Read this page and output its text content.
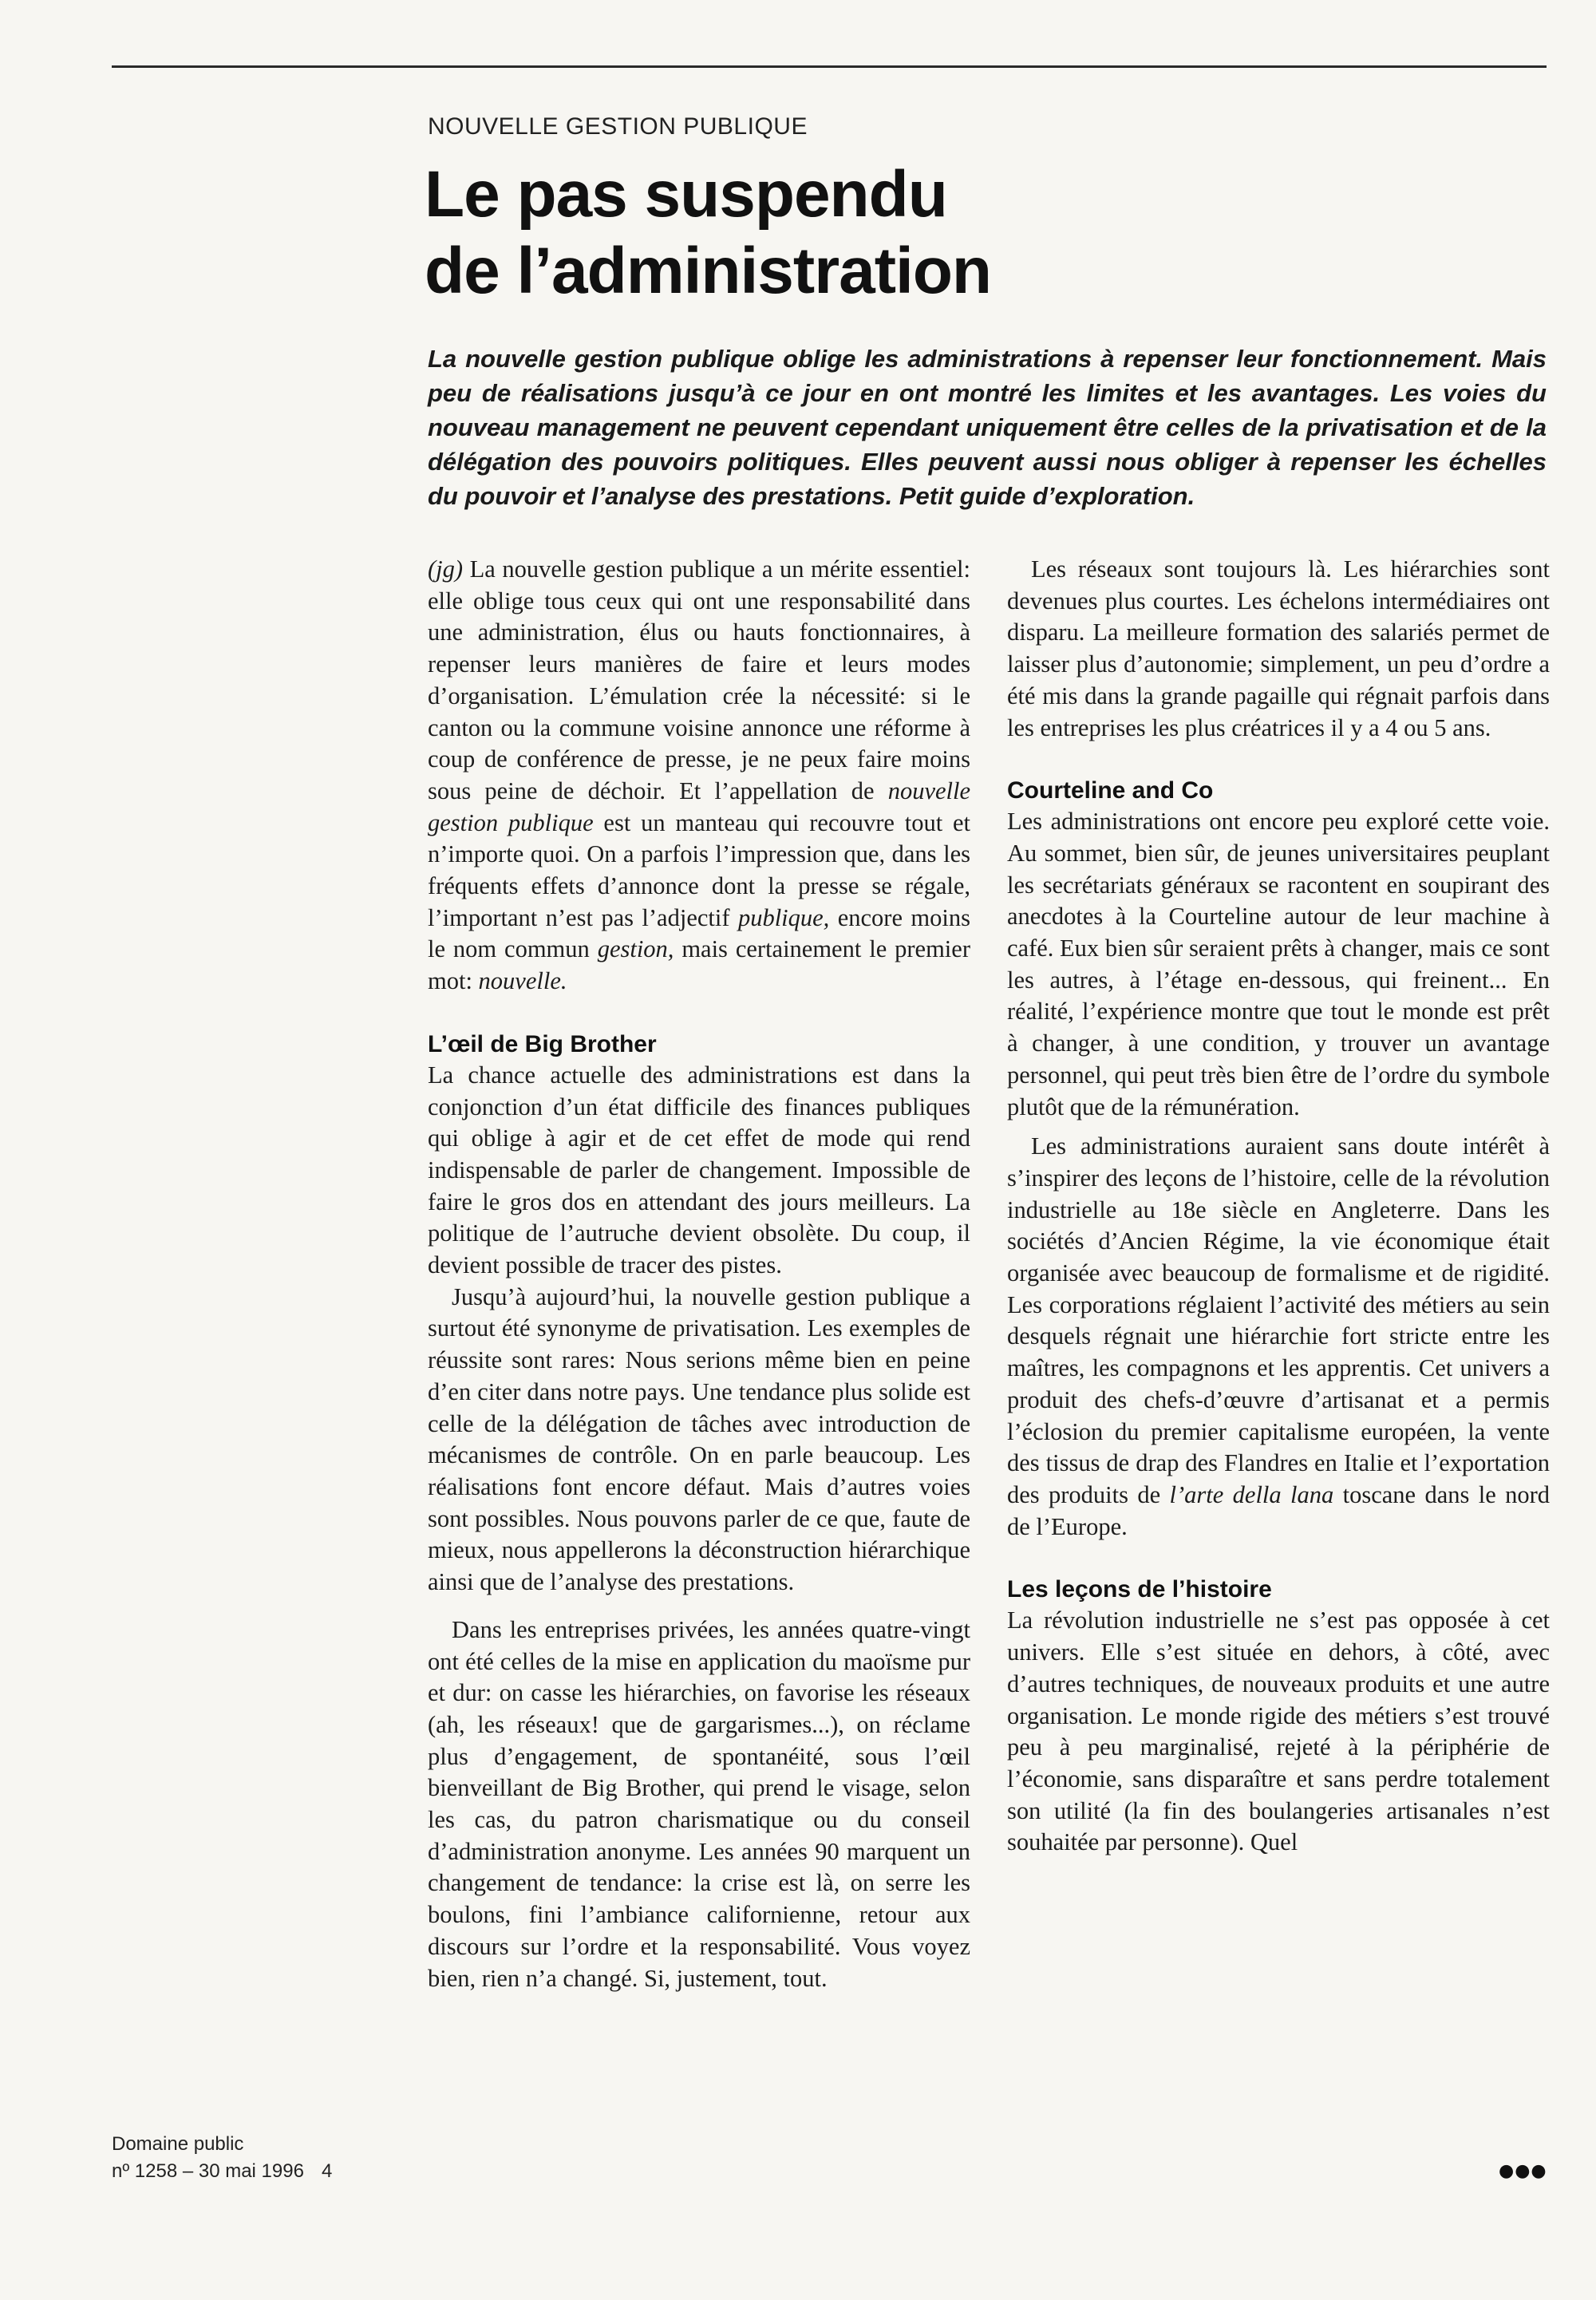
NOUVELLE GESTION PUBLIQUE
Le pas suspendu
de l’administration
La nouvelle gestion publique oblige les administrations à repenser leur fonctionnement. Mais peu de réalisations jusqu’à ce jour en ont montré les limites et les avantages. Les voies du nouveau management ne peuvent cependant uniquement être celles de la privatisation et de la délégation des pouvoirs politiques. Elles peuvent aussi nous obliger à repenser les échelles du pouvoir et l’analyse des prestations. Petit guide d’exploration.

(jg) La nouvelle gestion publique a un mérite essentiel: elle oblige tous ceux qui ont une responsabilité dans une administration, élus ou hauts fonctionnaires, à repenser leurs manières de faire et leurs modes d’organisation. L’émulation crée la nécessité: si le canton ou la commune voisine annonce une réforme à coup de conférence de presse, je ne peux faire moins sous peine de déchoir. Et l’appellation de nouvelle gestion publique est un manteau qui recouvre tout et n’importe quoi. On a parfois l’impression que, dans les fréquents effets d’annonce dont la presse se régale, l’important n’est pas l’adjectif publique, encore moins le nom commun gestion, mais certainement le premier mot: nouvelle.

L’œil de Big Brother

La chance actuelle des administrations est dans la conjonction d’un état difficile des finances publiques qui oblige à agir et de cet effet de mode qui rend indispensable de parler de changement. Impossible de faire le gros dos en attendant des jours meilleurs. La politique de l’autruche devient obsolète. Du coup, il devient possible de tracer des pistes.

Jusqu’à aujourd’hui, la nouvelle gestion publique a surtout été synonyme de privatisation. Les exemples de réussite sont rares: Nous serions même bien en peine d’en citer dans notre pays. Une tendance plus solide est celle de la délégation de tâches avec introduction de mécanismes de contrôle. On en parle beaucoup. Les réalisations font encore défaut. Mais d’autres voies sont possibles. Nous pouvons parler de ce que, faute de mieux, nous appellerons la déconstruction hiérarchique ainsi que de l’analyse des prestations.

Dans les entreprises privées, les années quatre-vingt ont été celles de la mise en application du maoïsme pur et dur: on casse les hiérarchies, on favorise les réseaux (ah, les réseaux! que de gargarismes...), on réclame plus d’engagement, de spontanéité, sous l’œil bienveillant de Big Brother, qui prend le visage, selon les cas, du patron charismatique ou du conseil d’administration anonyme. Les années 90 marquent un changement de tendance: la crise est là, on serre les boulons, fini l’ambiance californienne, retour aux discours sur l’ordre et la responsabilité. Vous voyez bien, rien n’a changé. Si, justement, tout.

Les réseaux sont toujours là. Les hiérarchies sont devenues plus courtes. Les échelons intermédiaires ont disparu. La meilleure formation des salariés permet de laisser plus d’autonomie; simplement, un peu d’ordre a été mis dans la grande pagaille qui régnait parfois dans les entreprises les plus créatrices il y a 4 ou 5 ans.

Courteline and Co

Les administrations ont encore peu exploré cette voie. Au sommet, bien sûr, de jeunes universitaires peuplant les secrétariats généraux se racontent en soupirant des anecdotes à la Courteline autour de leur machine à café. Eux bien sûr seraient prêts à changer, mais ce sont les autres, à l’étage en-dessous, qui freinent... En réalité, l’expérience montre que tout le monde est prêt à changer, à une condition, y trouver un avantage personnel, qui peut très bien être de l’ordre du symbole plutôt que de la rémunération.

Les administrations auraient sans doute intérêt à s’inspirer des leçons de l’histoire, celle de la révolution industrielle au 18e siècle en Angleterre. Dans les sociétés d’Ancien Régime, la vie économique était organisée avec beaucoup de formalisme et de rigidité. Les corporations réglaient l’activité des métiers au sein desquels régnait une hiérarchie fort stricte entre les maîtres, les compagnons et les apprentis. Cet univers a produit des chefs-d’œuvre d’artisanat et a permis l’éclosion du premier capitalisme européen, la vente des tissus de drap des Flandres en Italie et l’exportation des produits de l’arte della lana toscane dans le nord de l’Europe.

Les leçons de l’histoire

La révolution industrielle ne s’est pas opposée à cet univers. Elle s’est située en dehors, à côté, avec d’autres techniques, de nouveaux produits et une autre organisation. Le monde rigide des métiers s’est trouvé peu à peu marginalisé, rejeté à la périphérie de l’économie, sans disparaître et sans perdre totalement son utilité (la fin des boulangeries artisanales n’est souhaitée par personne). Quel

Domaine public
nº 1258 – 30 mai 1996 4	●●●
